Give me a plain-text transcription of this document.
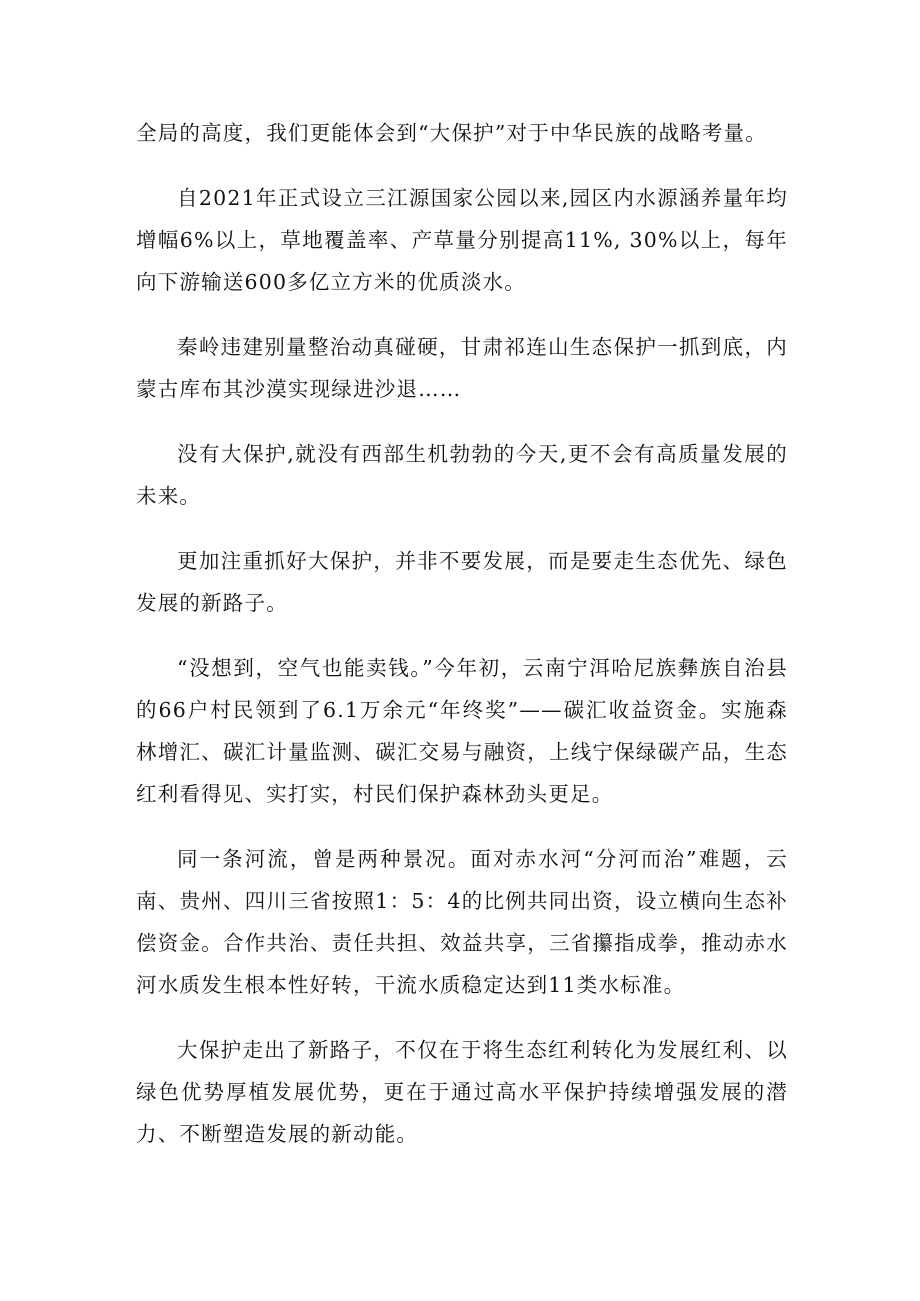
全局的高度，我们更能体会到“大保护”对于中华民族的战略考量。

自2021年正式设立三江源国家公园以来,园区内水源涵养量年均增幅6%以上，草地覆盖率、产草量分别提高11%, 30%以上，每年向下游输送600多亿立方米的优质淡水。

秦岭违建别量整治动真碰硬，甘肃祁连山生态保护一抓到底，内蒙古库布其沙漠实现绿进沙退……

没有大保护,就没有西部生机勃勃的今天,更不会有高质量发展的未来。

更加注重抓好大保护，并非不要发展，而是要走生态优先、绿色发展的新路子。

“没想到，空气也能卖钱。”今年初，云南宁洱哈尼族彝族自治县的66户村民领到了6.1万余元“年终奖”——碳汇收益资金。实施森林增汇、碳汇计量监测、碳汇交易与融资，上线宁保绿碳产品，生态红利看得见、实打实，村民们保护森林劲头更足。

同一条河流，曾是两种景况。面对赤水河“分河而治”难题，云南、贵州、四川三省按照1：5：4的比例共同出资，设立横向生态补偿资金。合作共治、责任共担、效益共享，三省攥指成拳，推动赤水河水质发生根本性好转，干流水质稳定达到11类水标准。

大保护走出了新路子，不仅在于将生态红利转化为发展红利、以绿色优势厚植发展优势，更在于通过高水平保护持续增强发展的潜力、不断塑造发展的新动能。
